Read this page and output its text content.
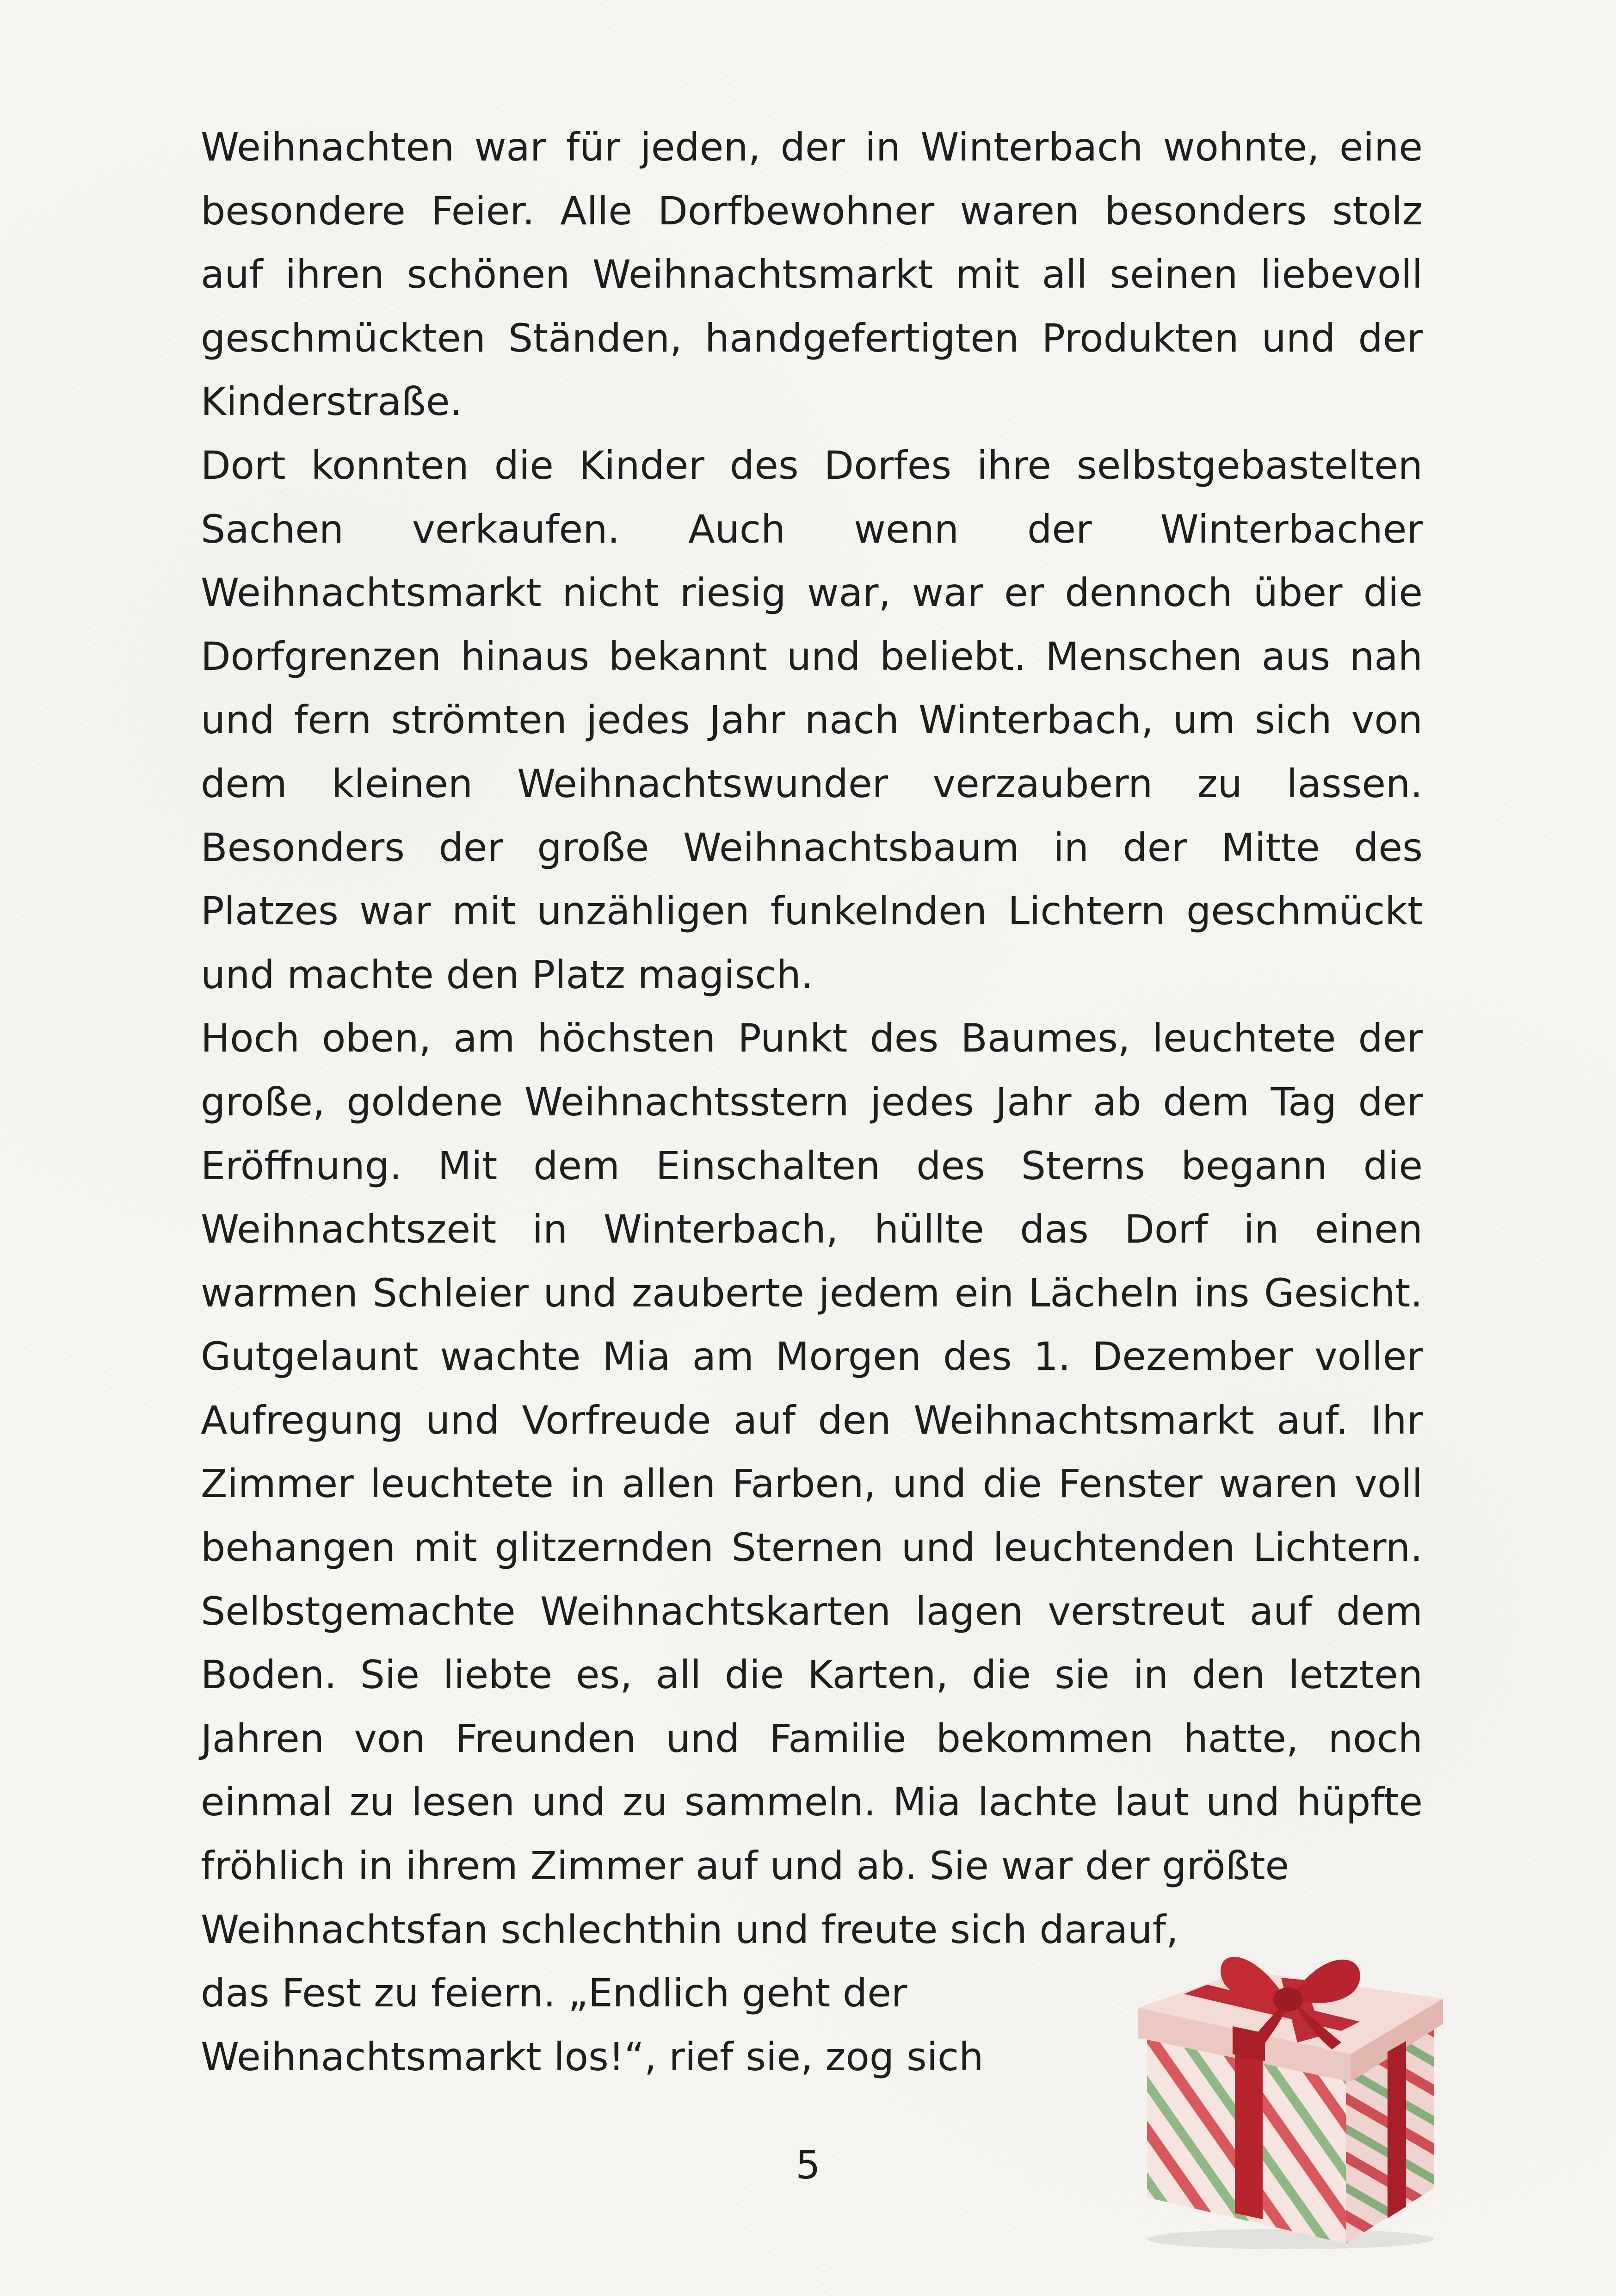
Weihnachten war für jeden, der in Winterbach wohnte, eine
besondere Feier. Alle Dorfbewohner waren besonders stolz
auf ihren schönen Weihnachtsmarkt mit all seinen liebevoll
geschmückten Ständen, handgefertigten Produkten und der
Kinderstraße.
Dort konnten die Kinder des Dorfes ihre selbstgebastelten
Sachen verkaufen. Auch wenn der Winterbacher
Weihnachtsmarkt nicht riesig war, war er dennoch über die
Dorfgrenzen hinaus bekannt und beliebt. Menschen aus nah
und fern strömten jedes Jahr nach Winterbach, um sich von
dem kleinen Weihnachtswunder verzaubern zu lassen.
Besonders der große Weihnachtsbaum in der Mitte des
Platzes war mit unzähligen funkelnden Lichtern geschmückt
und machte den Platz magisch.
Hoch oben, am höchsten Punkt des Baumes, leuchtete der
große, goldene Weihnachtsstern jedes Jahr ab dem Tag der
Eröffnung. Mit dem Einschalten des Sterns begann die
Weihnachtszeit in Winterbach, hüllte das Dorf in einen
warmen Schleier und zauberte jedem ein Lächeln ins Gesicht.
Gutgelaunt wachte Mia am Morgen des 1. Dezember voller
Aufregung und Vorfreude auf den Weihnachtsmarkt auf. Ihr
Zimmer leuchtete in allen Farben, und die Fenster waren voll
behangen mit glitzernden Sternen und leuchtenden Lichtern.
Selbstgemachte Weihnachtskarten lagen verstreut auf dem
Boden. Sie liebte es, all die Karten, die sie in den letzten
Jahren von Freunden und Familie bekommen hatte, noch
einmal zu lesen und zu sammeln. Mia lachte laut und hüpfte
fröhlich in ihrem Zimmer auf und ab. Sie war der größte
Weihnachtsfan schlechthin und freute sich darauf,
das Fest zu feiern. „Endlich geht der
Weihnachtsmarkt los!“, rief sie, zog sich
5
